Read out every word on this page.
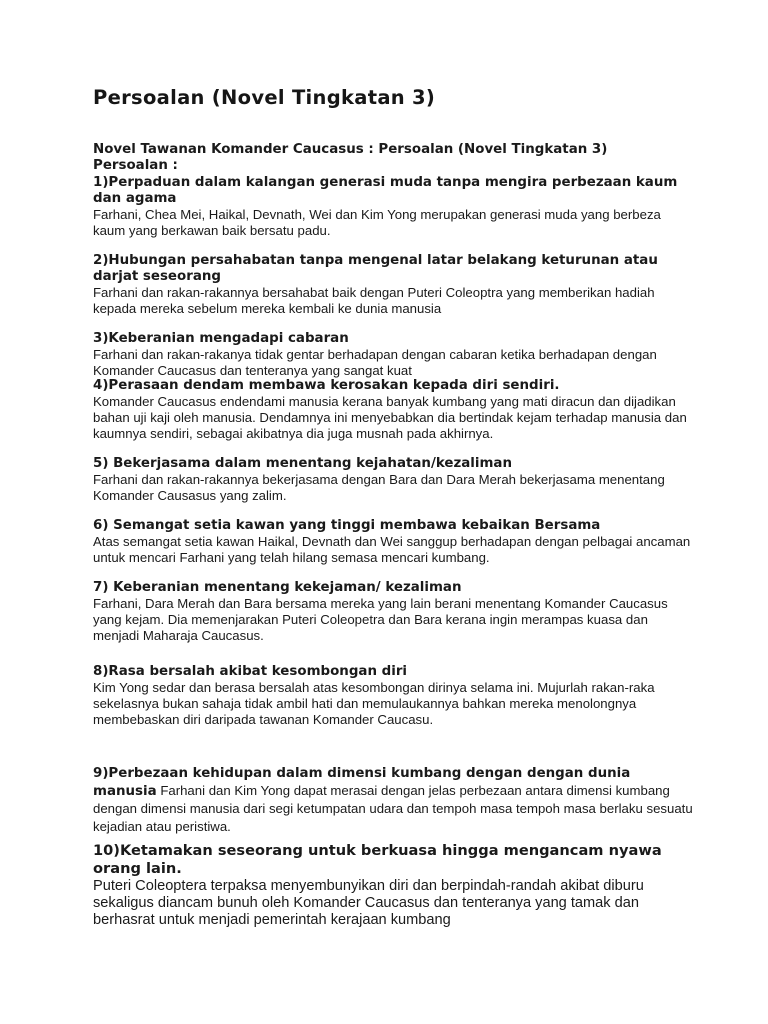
Persoalan (Novel Tingkatan 3)
Novel Tawanan Komander Caucasus : Persoalan (Novel Tingkatan 3)
Persoalan :
1)Perpaduan dalam kalangan generasi muda tanpa mengira perbezaan kaum dan agama
Farhani, Chea Mei, Haikal, Devnath, Wei dan Kim Yong merupakan generasi muda yang berbeza kaum yang berkawan baik bersatu padu.
2)Hubungan persahabatan tanpa mengenal latar belakang keturunan atau darjat seseorang
Farhani dan rakan-rakannya bersahabat baik dengan Puteri Coleoptra yang memberikan hadiah kepada mereka sebelum mereka kembali ke dunia manusia
3)Keberanian mengadapi cabaran
Farhani dan rakan-rakanya tidak gentar berhadapan dengan cabaran ketika berhadapan dengan Komander Caucasus dan tenteranya yang sangat kuat
4)Perasaan dendam membawa kerosakan kepada diri sendiri.
Komander Caucasus endendami manusia kerana banyak kumbang yang mati diracun dan dijadikan bahan uji kaji oleh manusia. Dendamnya ini menyebabkan dia bertindak kejam terhadap manusia dan kaumnya sendiri, sebagai akibatnya dia juga musnah pada akhirnya.
5) Bekerjasama dalam menentang kejahatan/kezaliman
Farhani dan rakan-rakannya bekerjasama dengan Bara dan Dara Merah bekerjasama menentang Komander Causasus yang zalim.
6) Semangat setia kawan yang tinggi membawa kebaikan Bersama
Atas semangat setia kawan Haikal, Devnath dan Wei sanggup berhadapan dengan pelbagai ancaman untuk mencari Farhani yang telah hilang semasa mencari kumbang.
7) Keberanian menentang kekejaman/ kezaliman
Farhani, Dara Merah dan Bara bersama mereka yang lain berani menentang Komander Caucasus yang kejam. Dia memenjarakan Puteri Coleopetra dan Bara kerana ingin merampas kuasa dan menjadi Maharaja Caucasus.
8)Rasa bersalah akibat kesombongan diri
Kim Yong sedar dan berasa bersalah atas kesombongan dirinya selama ini. Mujurlah rakan-raka sekelasnya bukan sahaja tidak ambil hati dan memulaukannya bahkan mereka menolongnya membebaskan diri daripada tawanan Komander Caucasu.
9)Perbezaan kehidupan dalam dimensi kumbang dengan dengan dunia manusia Farhani dan Kim Yong dapat merasai dengan jelas perbezaan antara dimensi kumbang dengan dimensi manusia dari segi ketumpatan udara dan tempoh masa tempoh masa berlaku sesuatu kejadian atau peristiwa.
10)Ketamakan seseorang untuk berkuasa hingga mengancam nyawa orang lain.
Puteri Coleoptera terpaksa menyembunyikan diri dan berpindah-randah akibat diburu sekaligus diancam bunuh oleh Komander Caucasus dan tenteranya yang tamak dan berhasrat untuk menjadi pemerintah kerajaan kumbang
